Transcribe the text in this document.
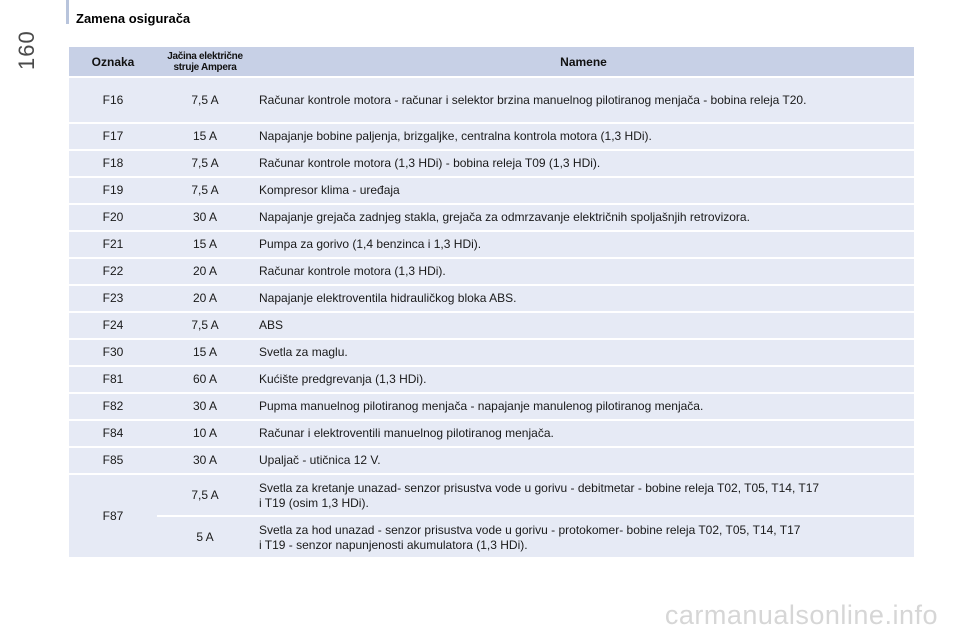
160
Zamena osigurača
Oznaka	Jačina električne struje Ampera	Namene
F16	7,5 A	Računar kontrole motora - računar i selektor brzina manuelnog pilotiranog menjača - bobina releja T20.
F17	15 A	Napajanje bobine paljenja, brizgaljke, centralna kontrola motora (1,3 HDi).
F18	7,5 A	Računar kontrole motora (1,3 HDi) - bobina releja T09 (1,3 HDi).
F19	7,5 A	Kompresor klima - uređaja
F20	30 A	Napajanje grejača zadnjeg stakla, grejača za odmrzavanje električnih spoljašnjih retrovizora.
F21	15 A	Pumpa za gorivo (1,4 benzinca i 1,3 HDi).
F22	20 A	Računar kontrole motora (1,3 HDi).
F23	20 A	Napajanje elektroventila hidrauličkog bloka ABS.
F24	7,5 A	ABS
F30	15 A	Svetla za maglu.
F81	60 A	Kućište predgrevanja (1,3 HDi).
F82	30 A	Pupma manuelnog pilotiranog menjača - napajanje manulenog pilotiranog menjača.
F84	10 A	Računar i elektroventili manuelnog pilotiranog menjača.
F85	30 A	Upaljač - utičnica 12 V.
F87	7,5 A	Svetla za kretanje unazad- senzor prisustva vode u gorivu - debitmetar - bobine releja T02, T05, T14, T17
i T19 (osim 1,3 HDi).
	5 A	Svetla za hod unazad - senzor prisustva vode u gorivu - protokomer- bobine releja T02, T05, T14, T17
i T19 - senzor napunjenosti akumulatora (1,3 HDi).
carmanualsonline.info
